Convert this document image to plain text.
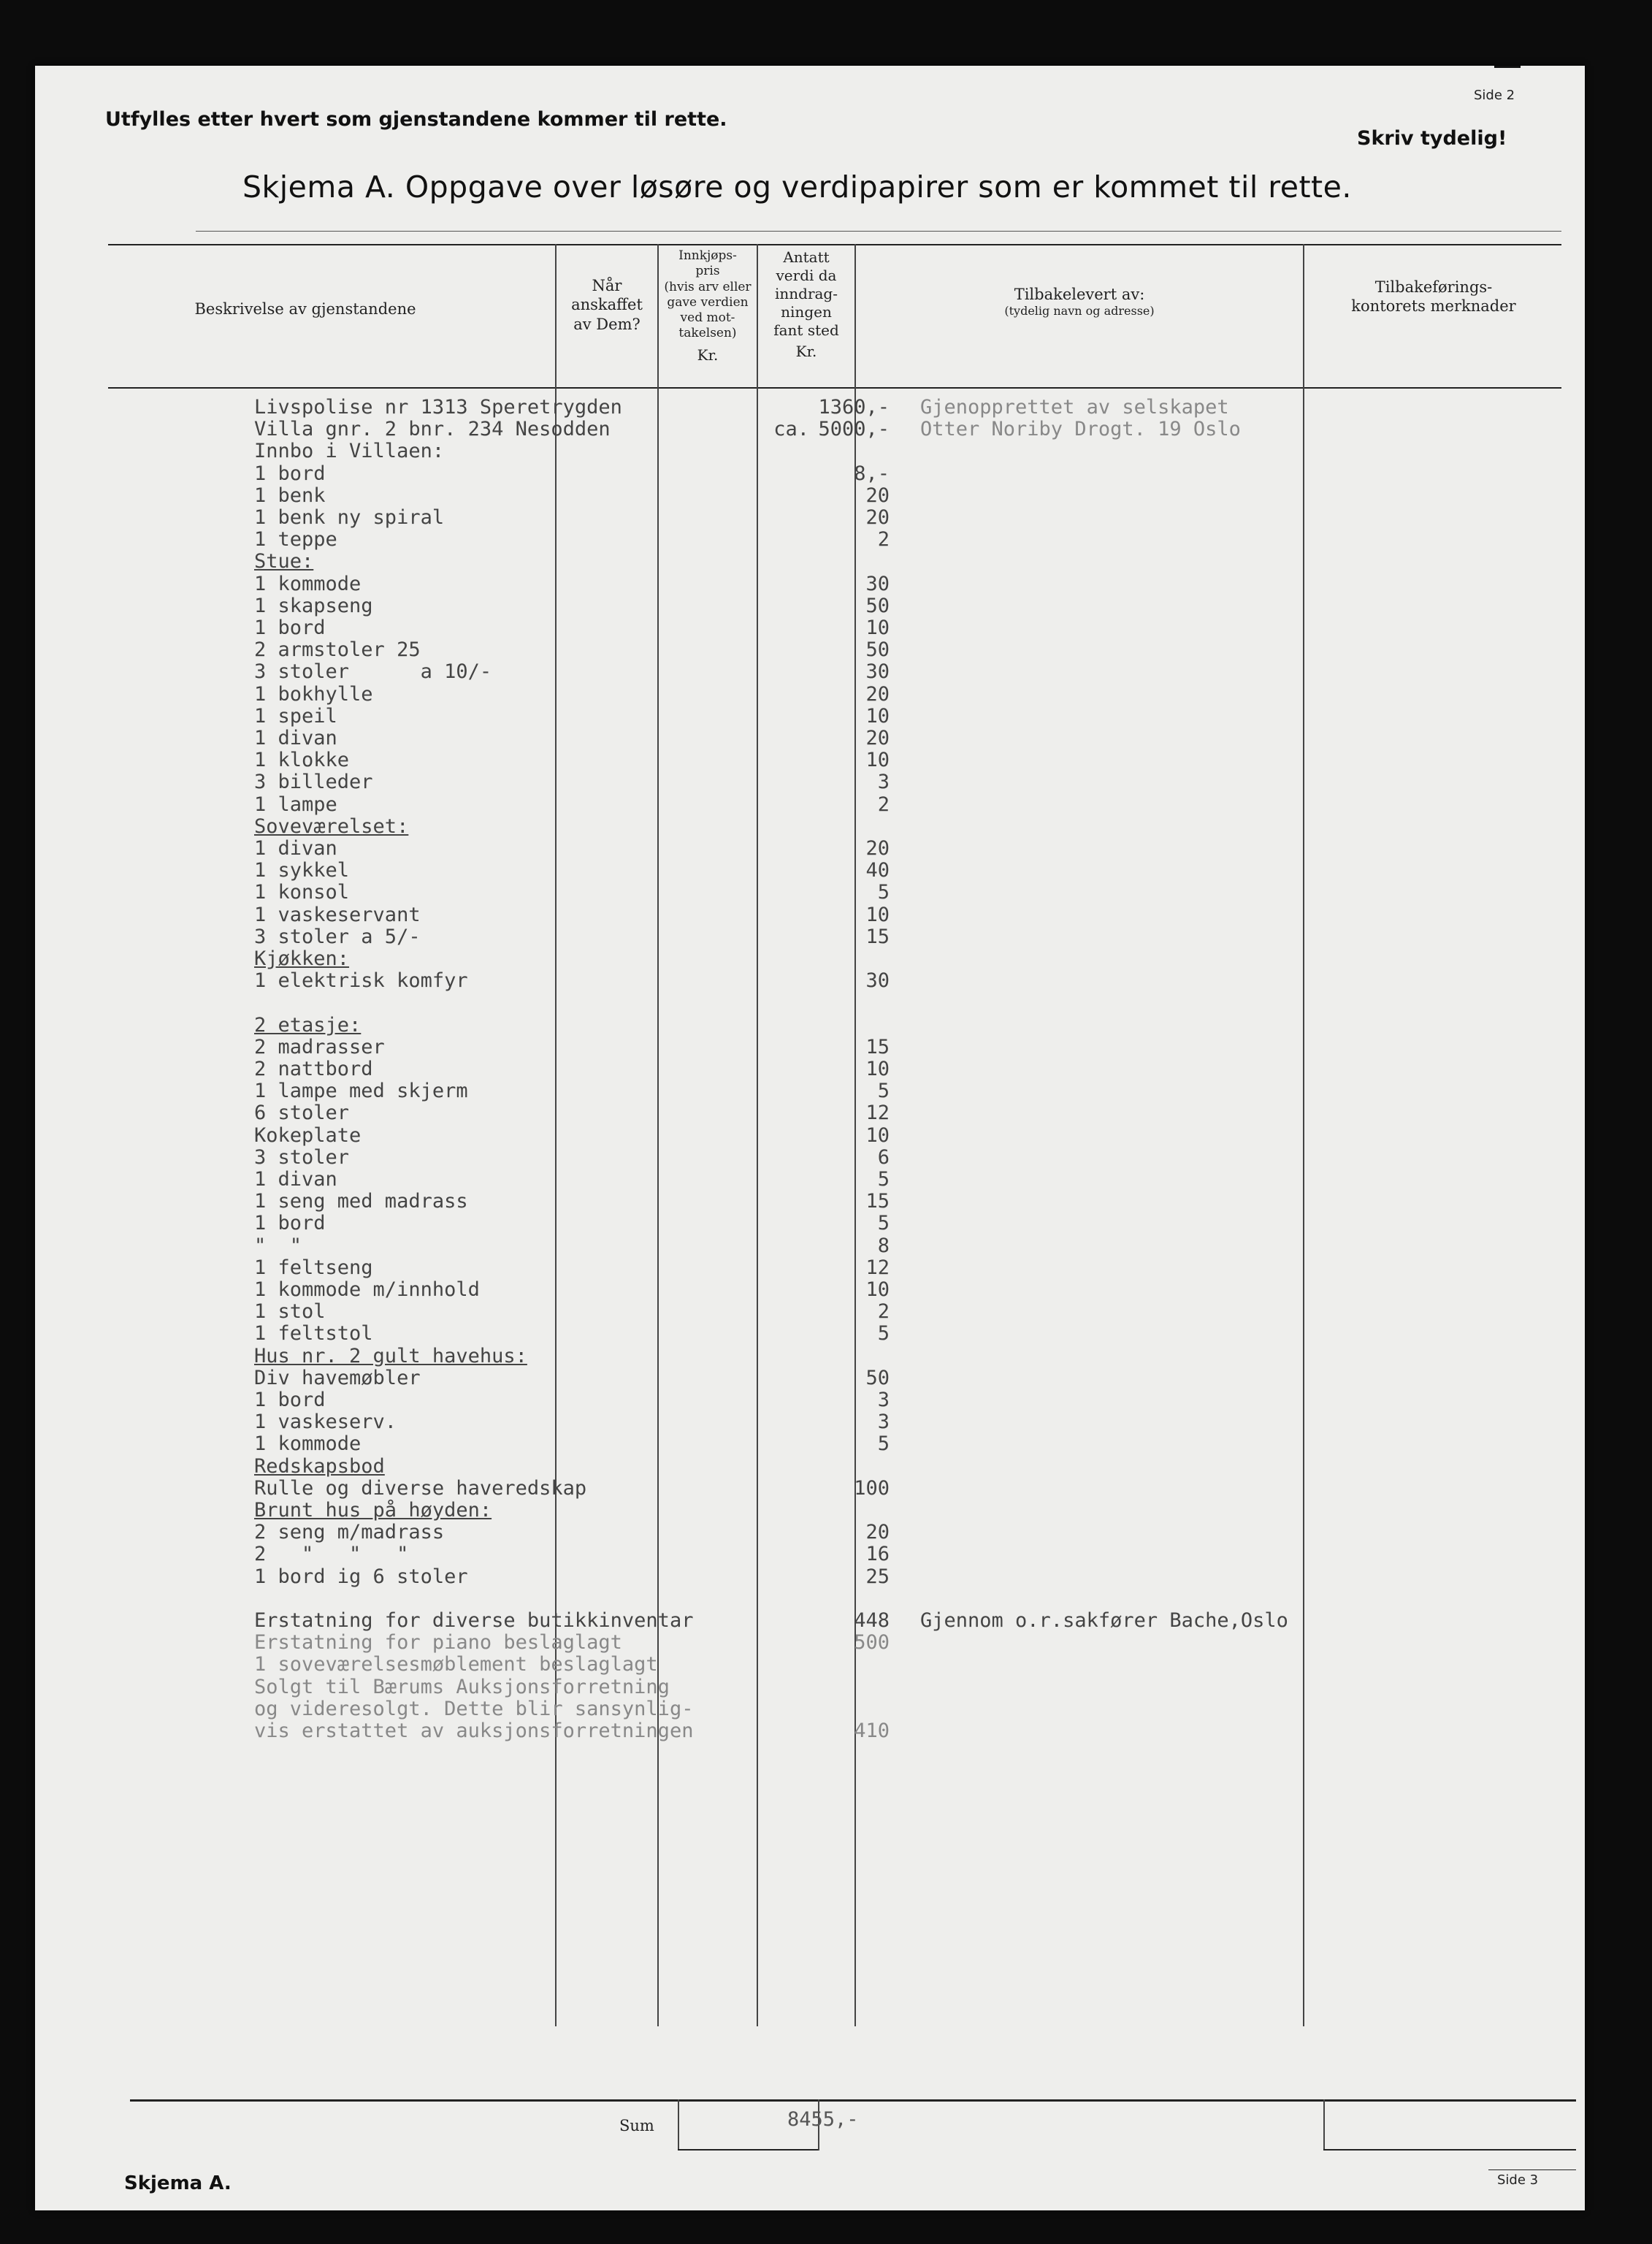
Side 2
Utfylles etter hvert som gjenstandene kommer til rette.
Skriv tydelig!
Skjema A. Oppgave over løsøre og verdipapirer som er kommet til rette.
Beskrivelse av gjenstandene
Når
anskaffet
av Dem?
Innkjøps-
pris
(hvis arv eller
gave verdien
ved mot-
takelsen)
Kr.
Antatt
verdi da
inndrag-
ningen
fant sted
Kr.
Tilbakelevert av:
(tydelig navn og adresse)
Tilbakeførings-
kontorets merknader
Livspolise nr 1313 Speretrygden	1360,- Gjenopprettet av selskapet
Villa gnr. 2 bnr. 234 Nesodden	ca. 5000,- Otter Noriby Drogt. 19 Oslo
Innbo i Villaen:
1 bord	8,-
1 benk	20
1 benk ny spiral	20
1 teppe	2
Stue:
1 kommode	30
1 skapseng	50
1 bord	10
2 armstoler 25	50
3 stoler      a 10/-	30
1 bokhylle	20
1 speil	10
1 divan	20
1 klokke	10
3 billeder	3
1 lampe	2
Soveværelset:
1 divan	20
1 sykkel	40
1 konsol	5
1 vaskeservant	10
3 stoler a 5/-	15
Kjøkken:
1 elektrisk komfyr	30
2 etasje:
2 madrasser	15
2 nattbord	10
1 lampe med skjerm	5
6 stoler	12
Kokeplate	10
3 stoler	6
1 divan	5
1 seng med madrass	15
1 bord	5
"  "	8
1 feltseng	12
1 kommode m/innhold	10
1 stol	2
1 feltstol	5
Hus nr. 2 gult havehus:
Div havemøbler	50
1 bord	3
1 vaskeserv.	3
1 kommode	5
Redskapsbod
Rulle og diverse haveredskap	100
Brunt hus på høyden:
2 seng m/madrass	20
2   "   "   "	16
1 bord ig 6 stoler	25
Erstatning for diverse butikkinventar	448 Gjennom o.r.sakfører Bache,Oslo
Erstatning for piano beslaglagt	500
1 soveværelsesmøblement beslaglagt
Solgt til Bærums Auksjonsforretning
og videresolgt. Dette blir sansynlig-
vis erstattet av auksjonsforretningen	410
Sum	8455,-
Skjema A.	Side 3
